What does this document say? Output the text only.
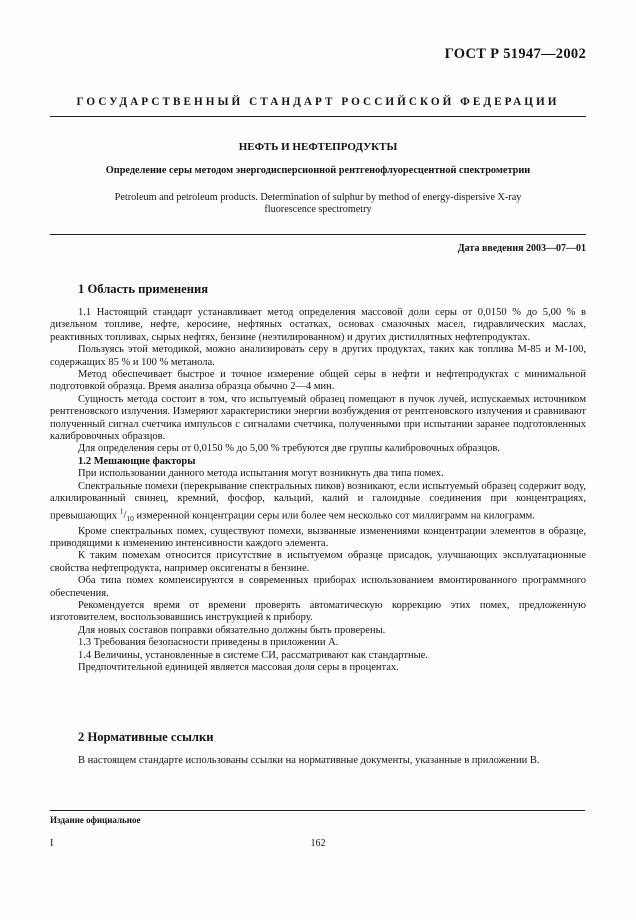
ГОСТ Р 51947—2002
ГОСУДАРСТВЕННЫЙ СТАНДАРТ РОССИЙСКОЙ ФЕДЕРАЦИИ
НЕФТЬ И НЕФТЕПРОДУКТЫ
Определение серы методом энергодисперсионной рентгенофлуоресцентной спектрометрии
Petroleum and petroleum products. Determination of sulphur by method of energy-dispersive X-ray fluorescence spectrometry
Дата введения 2003—07—01
1 Область применения

1.1 Настоящий стандарт устанавливает метод определения массовой доли серы от 0,0150 % до 5,00 % в дизельном топливе, нефте, керосине, нефтяных остатках, основах смазочных масел, гидравлических маслах, реактивных топливах, сырых нефтях, бензине (неэтилированном) и других дистиллятных нефтепродуктах.

Пользуясь этой методикой, можно анализировать серу в других продуктах, таких как топлива М-85 и М-100, содержащих 85 % и 100 % метанола.

Метод обеспечивает быстрое и точное измерение общей серы в нефти и нефтепродуктах с минимальной подготовкой образца. Время анализа образца обычно 2—4 мин.

Сущность метода состоит в том, что испытуемый образец помещают в пучок лучей, испускаемых источником рентгеновского излучения. Измеряют характеристики энергии возбуждения от рентгеновского излучения и сравнивают полученный сигнал счетчика импульсов с сигналами счетчика, полученными при испытании заранее подготовленных калибровочных образцов.

Для определения серы от 0,0150 % до 5,00 % требуются две группы калибровочных образцов.

1.2 Мешающие факторы

При использовании данного метода испытания могут возникнуть два типа помех.

Спектральные помехи (перекрывание спектральных пиков) возникают, если испытуемый образец содержит воду, алкилированный свинец, кремний, фосфор, кальций, калий и галоидные соединения при концентрациях, превышающих $^1/_{10}$ измеренной концентрации серы или более чем несколько сот миллиграмм на килограмм.

Кроме спектральных помех, существуют помехи, вызванные изменениями концентрации элементов в образце, приводящими к изменению интенсивности каждого элемента.

К таким помехам относится присутствие в испытуемом образце присадок, улучшающих эксплуатационные свойства нефтепродукта, например оксигенаты в бензине.

Оба типа помех компенсируются в современных приборах использованием вмонтированного программного обеспечения.

Рекомендуется время от времени проверять автоматическую коррекцию этих помех, предложенную изготовителем, воспользовавшись инструкцией к прибору.

Для новых составов поправки обязательно должны быть проверены.

1.3 Требования безопасности приведены в приложении А.

1.4 Величины, установленные в системе СИ, рассматривают как стандартные.

Предпочтительной единицей является массовая доля серы в процентах.

2 Нормативные ссылки

В настоящем стандарте использованы ссылки на нормативные документы, указанные в приложении В.

Издание официальное
I	162
